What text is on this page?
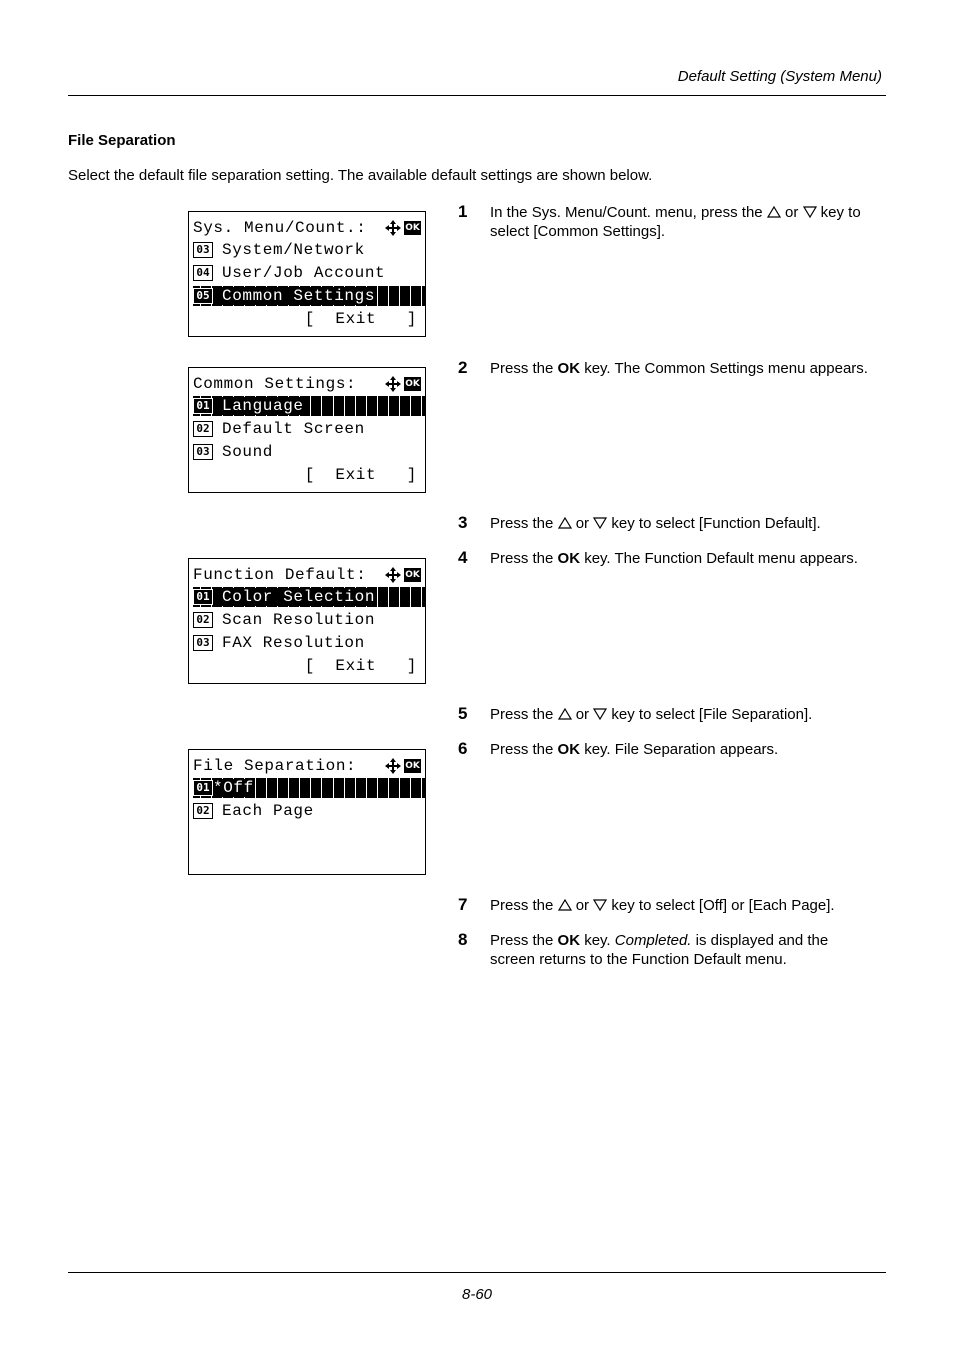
Default Setting (System Menu)
File Separation
Select the default file separation setting. The available default settings are shown below.
Sys. Menu/Count.:	OK
03 System/Network
04 User/Job Account
05 Common Settings
[  Exit   ]
Common Settings:	OK
01 Language
02 Default Screen
03 Sound
[  Exit   ]
Function Default:	OK
01 Color Selection
02 Scan Resolution
03 FAX Resolution
[  Exit   ]
File Separation:	OK
01 *Off
02 Each Page
1 In the Sys. Menu/Count. menu, press the  or  key to select [Common Settings].
2 Press the OK key. The Common Settings menu appears.
3 Press the  or  key to select [Function Default].
4 Press the OK key. The Function Default menu appears.
5 Press the  or  key to select [File Separation].
6 Press the OK key. File Separation appears.
7 Press the  or  key to select [Off] or [Each Page].
8 Press the OK key. Completed. is displayed and the screen returns to the Function Default menu.
8-60
